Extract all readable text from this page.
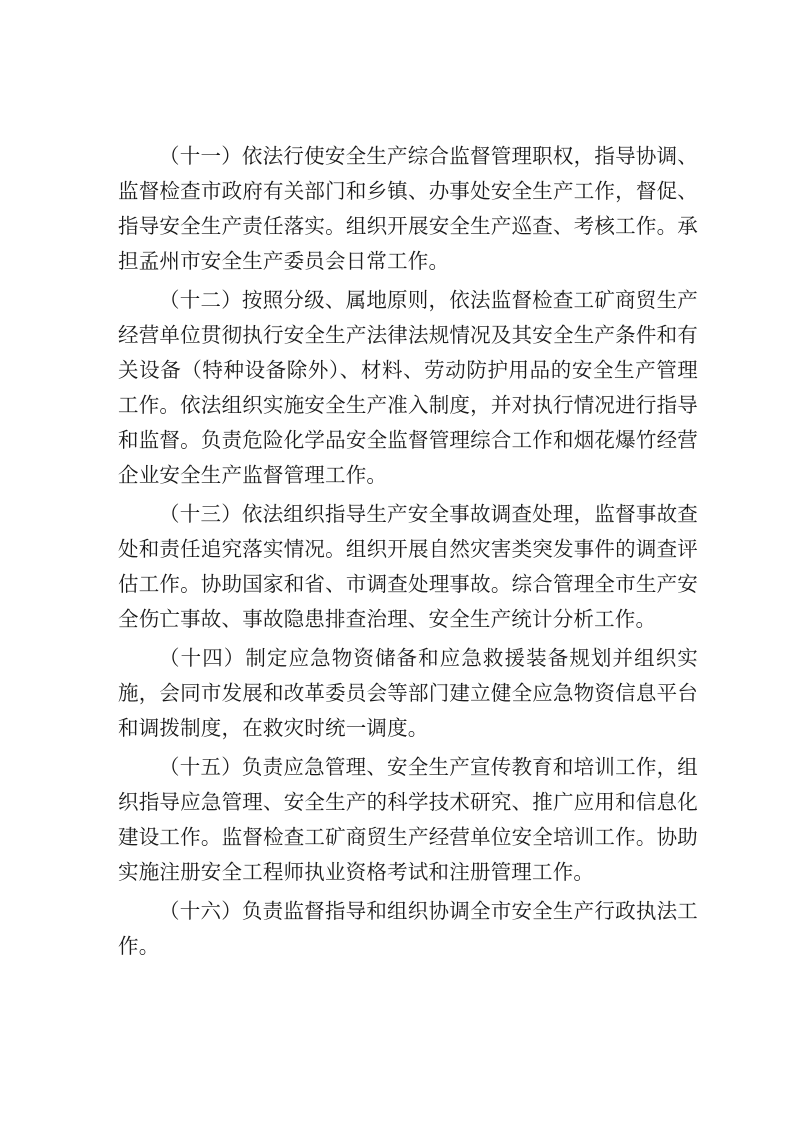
（十一）依法行使安全生产综合监督管理职权，指导协调、监督检查市政府有关部门和乡镇、办事处安全生产工作，督促、指导安全生产责任落实。组织开展安全生产巡查、考核工作。承担孟州市安全生产委员会日常工作。

（十二）按照分级、属地原则，依法监督检查工矿商贸生产经营单位贯彻执行安全生产法律法规情况及其安全生产条件和有关设备（特种设备除外）、材料、劳动防护用品的安全生产管理工作。依法组织实施安全生产准入制度，并对执行情况进行指导和监督。负责危险化学品安全监督管理综合工作和烟花爆竹经营企业安全生产监督管理工作。

（十三）依法组织指导生产安全事故调查处理，监督事故查处和责任追究落实情况。组织开展自然灾害类突发事件的调查评估工作。协助国家和省、市调查处理事故。综合管理全市生产安全伤亡事故、事故隐患排查治理、安全生产统计分析工作。

（十四）制定应急物资储备和应急救援装备规划并组织实施，会同市发展和改革委员会等部门建立健全应急物资信息平台和调拨制度，在救灾时统一调度。

（十五）负责应急管理、安全生产宣传教育和培训工作，组织指导应急管理、安全生产的科学技术研究、推广应用和信息化建设工作。监督检查工矿商贸生产经营单位安全培训工作。协助实施注册安全工程师执业资格考试和注册管理工作。

（十六）负责监督指导和组织协调全市安全生产行政执法工作。
